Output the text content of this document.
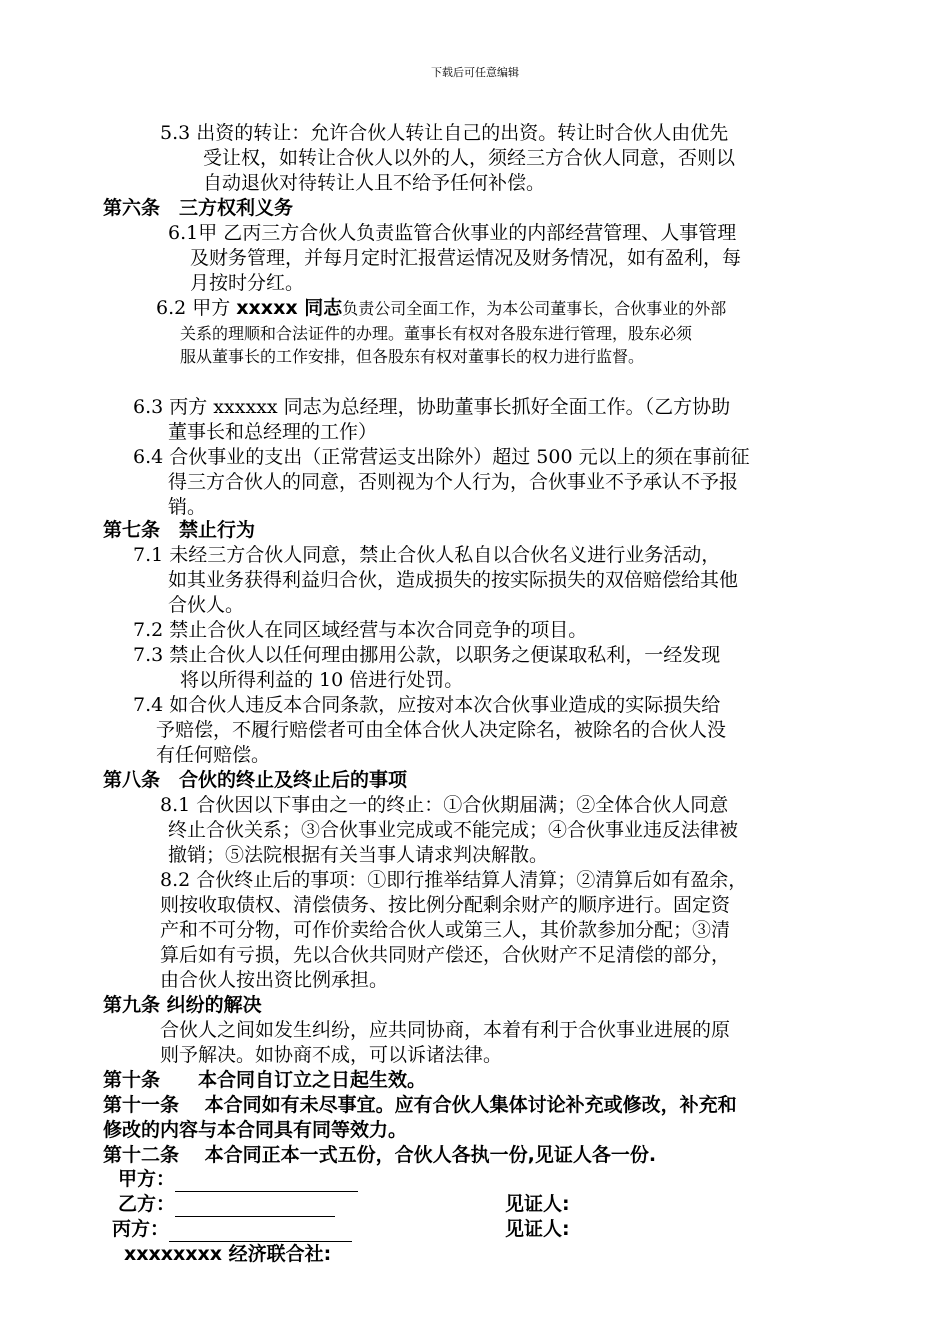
下载后可任意编辑
5.3 出资的转让：允许合伙人转让自己的出资。转让时合伙人由优先
受让权，如转让合伙人以外的人，须经三方合伙人同意，否则以
自动退伙对待转让人且不给予任何补偿。
第六条　三方权利义务
6.1甲 乙丙三方合伙人负责监管合伙事业的内部经营管理、人事管理
及财务管理，并每月定时汇报营运情况及财务情况，如有盈利，每
月按时分红。
6.2 甲方 xxxxx 同志负责公司全面工作，为本公司董事长，合伙事业的外部
关系的理顺和合法证件的办理。董事长有权对各股东进行管理，股东必须
服从董事长的工作安排，但各股东有权对董事长的权力进行监督。
6.3 丙方 xxxxxx 同志为总经理，协助董事长抓好全面工作。（乙方协助
董事长和总经理的工作）
6.4 合伙事业的支出（正常营运支出除外）超过 500 元以上的须在事前征
得三方合伙人的同意，否则视为个人行为，合伙事业不予承认不予报
销。
第七条　禁止行为
7.1 未经三方合伙人同意，禁止合伙人私自以合伙名义进行业务活动，
如其业务获得利益归合伙，造成损失的按实际损失的双倍赔偿给其他
合伙人。
7.2 禁止合伙人在同区域经营与本次合同竞争的项目。
7.3 禁止合伙人以任何理由挪用公款，以职务之便谋取私利，一经发现
将以所得利益的 10 倍进行处罚。
7.4 如合伙人违反本合同条款，应按对本次合伙事业造成的实际损失给
予赔偿，不履行赔偿者可由全体合伙人决定除名，被除名的合伙人没
有任何赔偿。
第八条　合伙的终止及终止后的事项
8.1 合伙因以下事由之一的终止：①合伙期届满；②全体合伙人同意
终止合伙关系；③合伙事业完成或不能完成；④合伙事业违反法律被
撤销；⑤法院根据有关当事人请求判决解散。
8.2 合伙终止后的事项：①即行推举结算人清算；②清算后如有盈余，
则按收取债权、清偿债务、按比例分配剩余财产的顺序进行。固定资
产和不可分物，可作价卖给合伙人或第三人，其价款参加分配；③清
算后如有亏损，先以合伙共同财产偿还，合伙财产不足清偿的部分，
由合伙人按出资比例承担。
第九条 纠纷的解决
合伙人之间如发生纠纷，应共同协商，本着有利于合伙事业进展的原
则予解决。如协商不成，可以诉诸法律。
第十条　　本合同自订立之日起生效。
第十一条　 本合同如有未尽事宜。应有合伙人集体讨论补充或修改，补充和
修改的内容与本合同具有同等效力。
第十二条　 本合同正本一式五份，合伙人各执一份,见证人各一份.
甲方：
乙方：	见证人:
丙方：	见证人:
xxxxxxxx 经济联合社:
